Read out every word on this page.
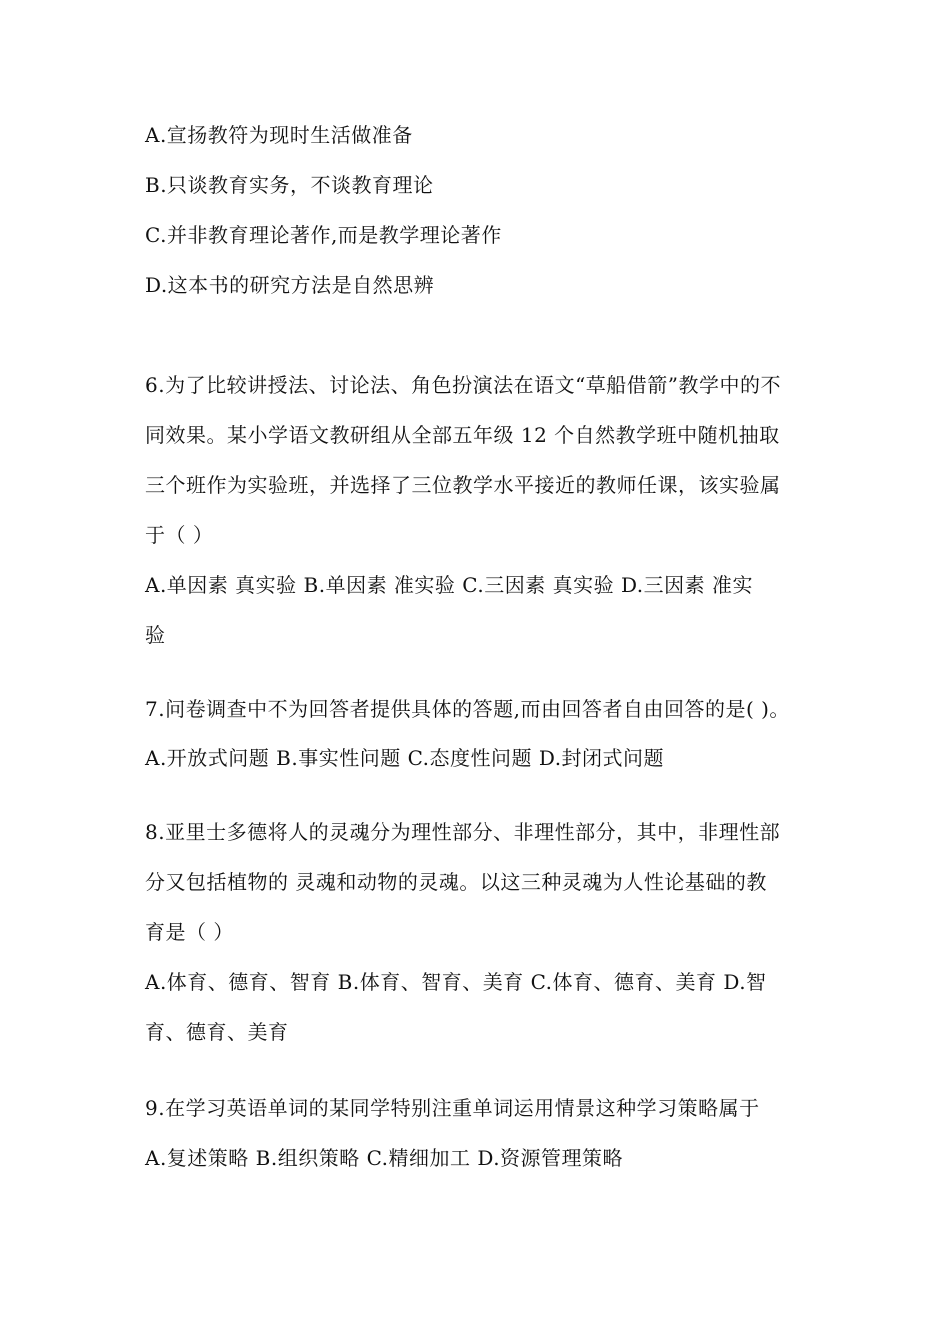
A.宣扬教符为现时生活做准备
B.只谈教育实务，不谈教育理论
C.并非教育理论著作,而是教学理论著作
D.这本书的研究方法是自然思辨
6.为了比较讲授法、讨论法、角色扮演法在语文“草船借箭”教学中的不
同效果。某小学语文教研组从全部五年级 12 个自然教学班中随机抽取
三个班作为实验班，并选择了三位教学水平接近的教师任课，该实验属
于（ ）
A.单因素 真实验 B.单因素 准实验 C.三因素 真实验 D.三因素 准实
验
7.问卷调查中不为回答者提供具体的答题,而由回答者自由回答的是( )。
A.开放式问题 B.事实性问题 C.态度性问题 D.封闭式问题
8.亚里士多德将人的灵魂分为理性部分、非理性部分，其中，非理性部
分又包括植物的 灵魂和动物的灵魂。以这三种灵魂为人性论基础的教
育是（ ）
A.体育、德育、智育 B.体育、智育、美育 C.体育、德育、美育 D.智
育、德育、美育
9.在学习英语单词的某同学特别注重单词运用情景这种学习策略属于
A.复述策略 B.组织策略 C.精细加工 D.资源管理策略
